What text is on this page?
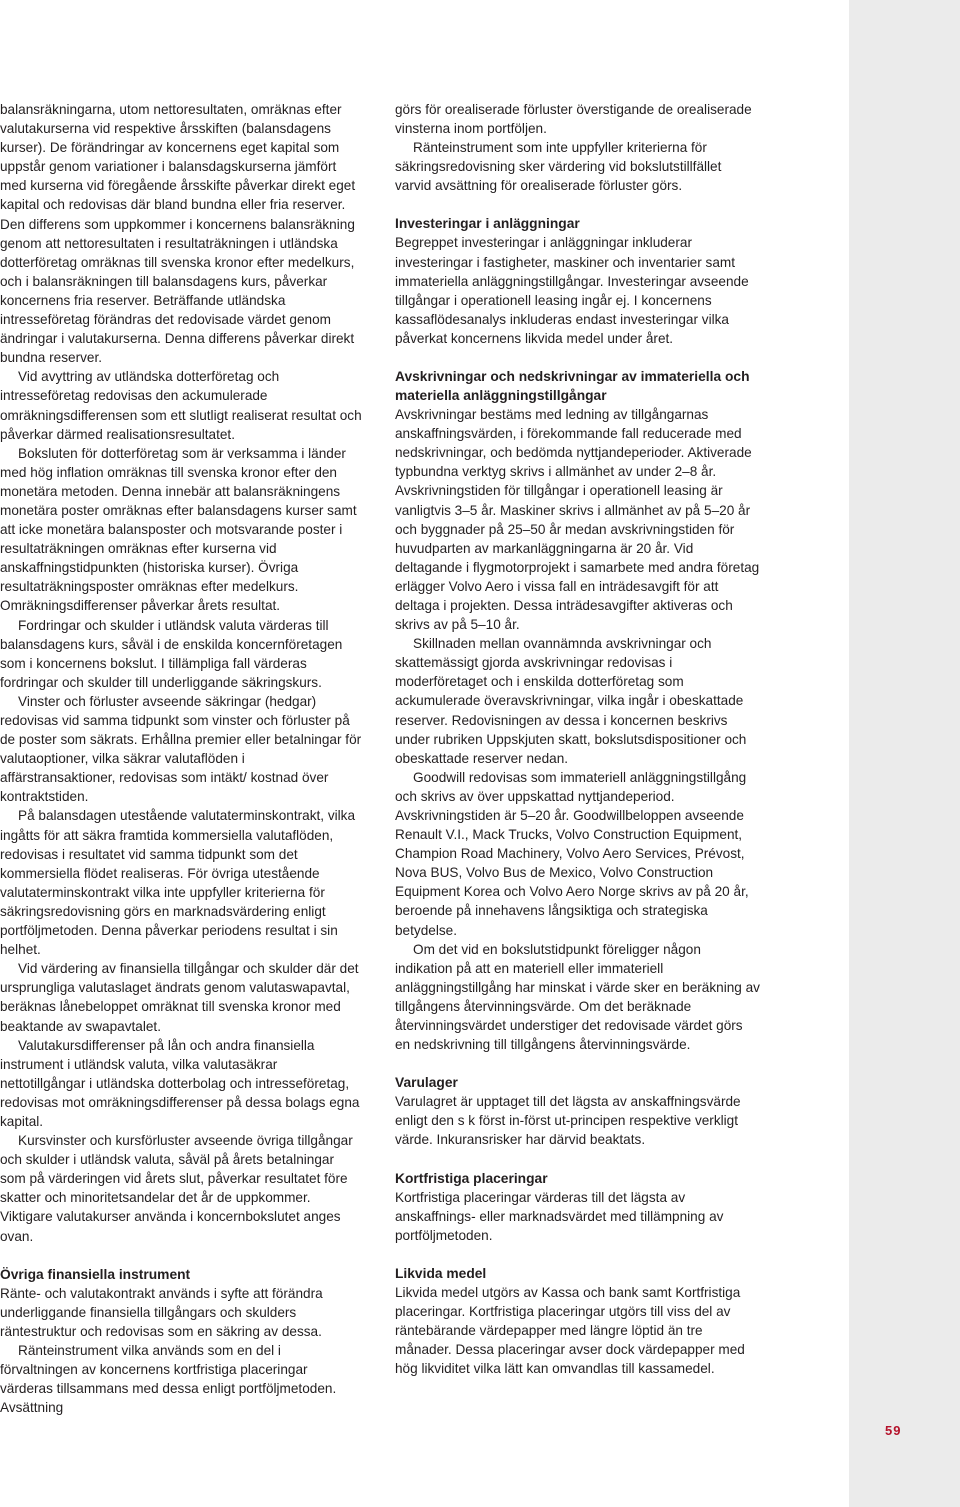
balansräkningarna, utom nettoresultaten, omräknas efter valutakurserna vid respektive årsskiften (balansdagens kurser). De förändringar av koncernens eget kapital som uppstår genom variationer i balansdagskurserna jämfört med kurserna vid föregående årsskifte påverkar direkt eget kapital och redovisas där bland bundna eller fria reserver. Den differens som uppkommer i koncernens balansräkning genom att nettoresultaten i resultaträkningen i utländska dotterföretag omräknas till svenska kronor efter medelkurs, och i balansräkningen till balansdagens kurs, påverkar koncernens fria reserver. Beträffande utländska intresseföretag förändras det redovisade värdet genom ändringar i valutakurserna. Denna differens påverkar direkt bundna reserver.

Vid avyttring av utländska dotterföretag och intresseföretag redovisas den ackumulerade omräkningsdifferensen som ett slutligt realiserat resultat och påverkar därmed realisationsresultatet.

Boksluten för dotterföretag som är verksamma i länder med hög inflation omräknas till svenska kronor efter den monetära metoden. Denna innebär att balansräkningens monetära poster omräknas efter balansdagens kurser samt att icke monetära balansposter och motsvarande poster i resultaträkningen omräknas efter kurserna vid anskaffningstidpunkten (historiska kurser). Övriga resultaträkningsposter omräknas efter medelkurs. Omräkningsdifferenser påverkar årets resultat.

Fordringar och skulder i utländsk valuta värderas till balansdagens kurs, såväl i de enskilda koncernföretagen som i koncernens bokslut. I tillämpliga fall värderas fordringar och skulder till underliggande säkringskurs.

Vinster och förluster avseende säkringar (hedgar) redovisas vid samma tidpunkt som vinster och förluster på de poster som säkrats. Erhållna premier eller betalningar för valutaoptioner, vilka säkrar valutaflöden i affärstransaktioner, redovisas som intäkt/ kostnad över kontraktstiden.

På balansdagen utestående valutaterminskontrakt, vilka ingåtts för att säkra framtida kommersiella valutaflöden, redovisas i resultatet vid samma tidpunkt som det kommersiella flödet realiseras. För övriga utestående valutaterminskontrakt vilka inte uppfyller kriterierna för säkringsredovisning görs en marknadsvärdering enligt portföljmetoden. Denna påverkar periodens resultat i sin helhet.

Vid värdering av finansiella tillgångar och skulder där det ursprungliga valutaslaget ändrats genom valutaswapavtal, beräknas lånebeloppet omräknat till svenska kronor med beaktande av swapavtalet.

Valutakursdifferenser på lån och andra finansiella instrument i utländsk valuta, vilka valutasäkrar nettotillgångar i utländska dotterbolag och intresseföretag, redovisas mot omräkningsdifferenser på dessa bolags egna kapital.

Kursvinster och kursförluster avseende övriga tillgångar och skulder i utländsk valuta, såväl på årets betalningar som på värderingen vid årets slut, påverkar resultatet före skatter och minoritetsandelar det år de uppkommer. Viktigare valutakurser använda i koncernbokslutet anges ovan.

Övriga finansiella instrument

Ränte- och valutakontrakt används i syfte att förändra underliggande finansiella tillgångars och skulders räntestruktur och redovisas som en säkring av dessa.

Ränteinstrument vilka används som en del i förvaltningen av koncernens kortfristiga placeringar värderas tillsammans med dessa enligt portföljmetoden. Avsättning

görs för orealiserade förluster överstigande de orealiserade vinsterna inom portföljen.

Ränteinstrument som inte uppfyller kriterierna för säkringsredovisning sker värdering vid bokslutstillfället varvid avsättning för orealiserade förluster görs.

Investeringar i anläggningar

Begreppet investeringar i anläggningar inkluderar investeringar i fastigheter, maskiner och inventarier samt immateriella anläggningstillgångar. Investeringar avseende tillgångar i operationell leasing ingår ej. I koncernens kassaflödesanalys inkluderas endast investeringar vilka påverkat koncernens likvida medel under året.

Avskrivningar och nedskrivningar av immateriella och materiella anläggningstillgångar

Avskrivningar bestäms med ledning av tillgångarnas anskaffningsvärden, i förekommande fall reducerade med nedskrivningar, och bedömda nyttjandeperioder. Aktiverade typbundna verktyg skrivs i allmänhet av under 2–8 år. Avskrivningstiden för tillgångar i operationell leasing är vanligtvis 3–5 år. Maskiner skrivs i allmänhet av på 5–20 år och byggnader på 25–50 år medan avskrivningstiden för huvudparten av markanläggningarna är 20 år. Vid deltagande i flygmotorprojekt i samarbete med andra företag erlägger Volvo Aero i vissa fall en inträdesavgift för att deltaga i projekten. Dessa inträdesavgifter aktiveras och skrivs av på 5–10 år.

Skillnaden mellan ovannämnda avskrivningar och skattemässigt gjorda avskrivningar redovisas i moderföretaget och i enskilda dotterföretag som ackumulerade överavskrivningar, vilka ingår i obeskattade reserver. Redovisningen av dessa i koncernen beskrivs under rubriken Uppskjuten skatt, bokslutsdispositioner och obeskattade reserver nedan.

Goodwill redovisas som immateriell anläggningstillgång och skrivs av över uppskattad nyttjandeperiod. Avskrivningstiden är 5–20 år. Goodwillbeloppen avseende Renault V.I., Mack Trucks, Volvo Construction Equipment, Champion Road Machinery, Volvo Aero Services, Prévost, Nova BUS, Volvo Bus de Mexico, Volvo Construction Equipment Korea och Volvo Aero Norge skrivs av på 20 år, beroende på innehavens långsiktiga och strategiska betydelse.

Om det vid en bokslutstidpunkt föreligger någon indikation på att en materiell eller immateriell anläggningstillgång har minskat i värde sker en beräkning av tillgångens återvinningsvärde. Om det beräknade återvinningsvärdet understiger det redovisade värdet görs en nedskrivning till tillgångens återvinningsvärde.

Varulager

Varulagret är upptaget till det lägsta av anskaffningsvärde enligt den s k först in-först ut-principen respektive verkligt värde. Inkuransrisker har därvid beaktats.

Kortfristiga placeringar

Kortfristiga placeringar värderas till det lägsta av anskaffnings- eller marknadsvärdet med tillämpning av portföljmetoden.

Likvida medel

Likvida medel utgörs av Kassa och bank samt Kortfristiga placeringar. Kortfristiga placeringar utgörs till viss del av räntebärande värdepapper med längre löptid än tre månader. Dessa placeringar avser dock värdepapper med hög likviditet vilka lätt kan omvandlas till kassamedel.

59
